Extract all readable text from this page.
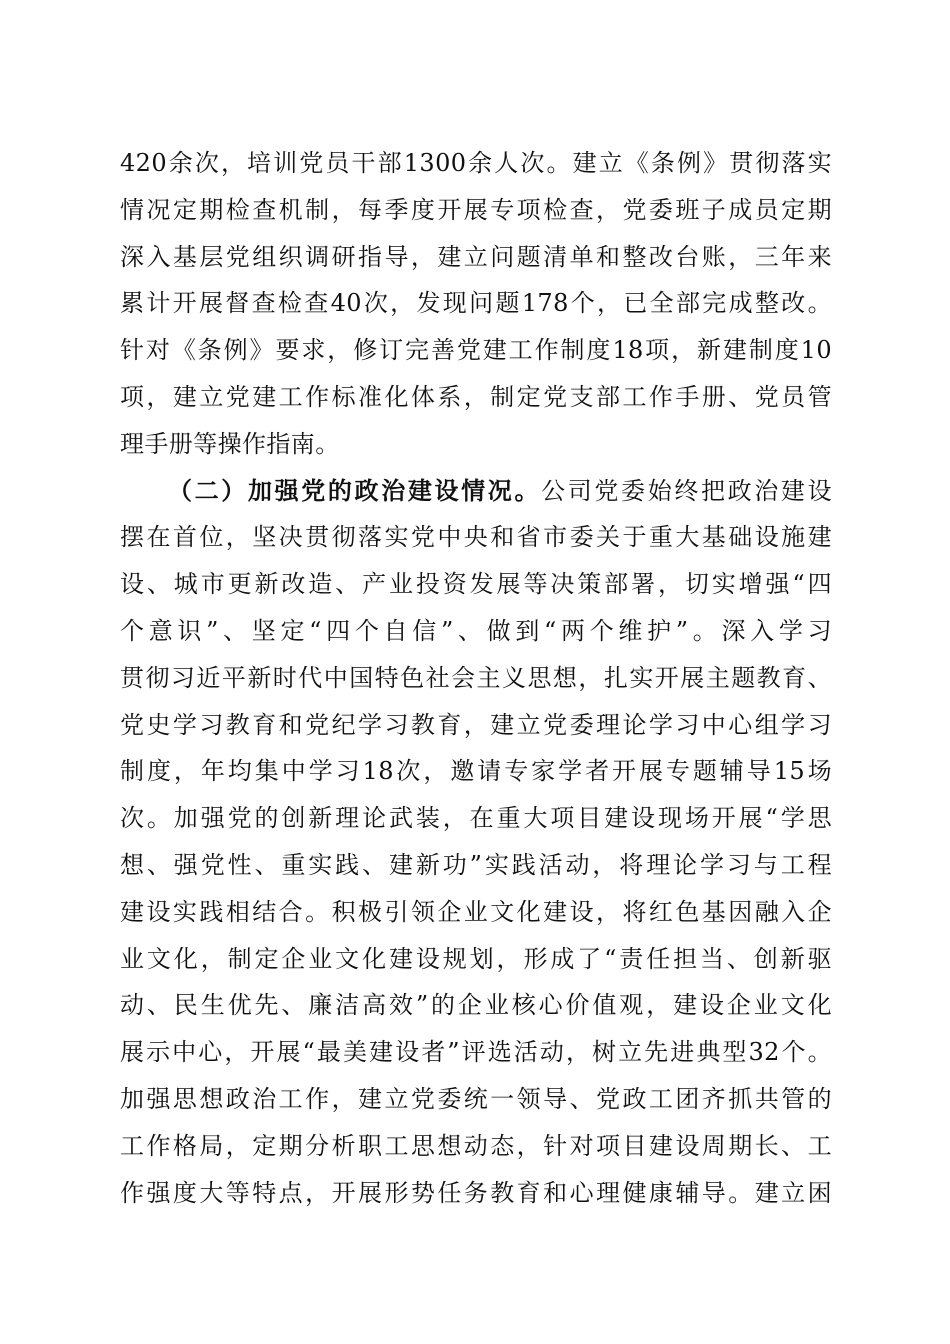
420余次，培训党员干部1300余人次。建立《条例》贯彻落实
情况定期检查机制，每季度开展专项检查，党委班子成员定期
深入基层党组织调研指导，建立问题清单和整改台账，三年来
累计开展督查检查40次，发现问题178个，已全部完成整改。
针对《条例》要求，修订完善党建工作制度18项，新建制度10
项，建立党建工作标准化体系，制定党支部工作手册、党员管
理手册等操作指南。
（二）加强党的政治建设情况。公司党委始终把政治建设
摆在首位，坚决贯彻落实党中央和省市委关于重大基础设施建
设、城市更新改造、产业投资发展等决策部署，切实增强“四
个意识”、坚定“四个自信”、做到“两个维护”。深入学习
贯彻习近平新时代中国特色社会主义思想，扎实开展主题教育、
党史学习教育和党纪学习教育，建立党委理论学习中心组学习
制度，年均集中学习18次，邀请专家学者开展专题辅导15场
次。加强党的创新理论武装，在重大项目建设现场开展“学思
想、强党性、重实践、建新功”实践活动，将理论学习与工程
建设实践相结合。积极引领企业文化建设，将红色基因融入企
业文化，制定企业文化建设规划，形成了“责任担当、创新驱
动、民生优先、廉洁高效”的企业核心价值观，建设企业文化
展示中心，开展“最美建设者”评选活动，树立先进典型32个。
加强思想政治工作，建立党委统一领导、党政工团齐抓共管的
工作格局，定期分析职工思想动态，针对项目建设周期长、工
作强度大等特点，开展形势任务教育和心理健康辅导。建立困
